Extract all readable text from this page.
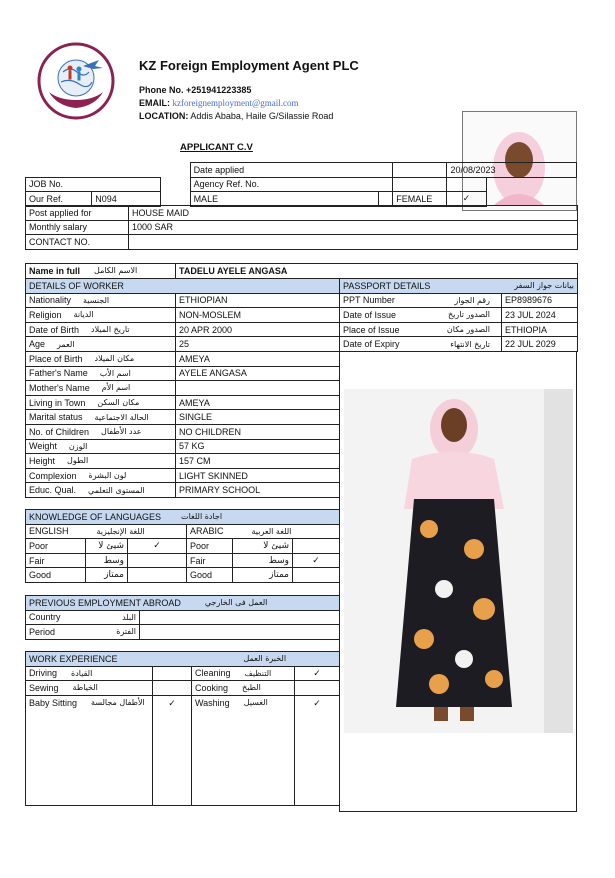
KZ Foreign Employment Agent PLC
Phone No. +251941223385
EMAIL: kzforeignemployment@gmail.com
LOCATION: Addis Ababa, Haile G/Silassie Road
APPLICANT C.V
			Date applied			20/08/2023	
JOB No.			Agency Ref. No.				
Our Ref.	N094		MALE		FEMALE	✓	
Post applied for	HOUSE MAID
Monthly salary	1000 SAR
CONTACT NO.	
Name in full	الاسم الكامل	TADELU AYELE ANGASA
DETAILS OF WORKER	

Nationality الجنسية	ETHIOPIAN

Religion الديانة	NON-MOSLEM

Date of Birth تاريخ الميلاد	20 APR 2000

Age العمر	25

Place of Birth مكان الميلاد	AMEYA

Father's Name اسم الأب	AYELE ANGASA

Mother's Name اسم الأم	

Living in Town مكان السكن	AMEYA

Marital status الحالة الاجتماعية	SINGLE

No. of Children عدد الأطفال	NO CHILDREN

Weight الوزن	57 KG

Height الطول	157 CM

Complexion لون البشرة	LIGHT SKINNED

Educ. Qual. المستوى التعلمي	PRIMARY SCHOOL
PASSPORT DETAILS بيانات جواز السفر	

PPT Number رقم الجواز	EP8989676

Date of Issue الصدور تاريخ	23 JUL 2024

Place of Issue الصدور مكان	ETHIOPIA

Date of Expiry تاريخ الانتهاء	22 JUL 2029
KNOWLEDGE OF LANGUAGES اجادة اللغات					

ENGLISH اللغة الإنجليزية			ARABIC اللغة العربية		

Poor	شيئ لا	✓	Poor	شيئ لا	
Fair	وسط		Fair	وسط	✓
Good	ممتاز		Good	ممتاز	
PREVIOUS EMPLOYMENT ABROAD العمل فى الخارجي	

Country البلد	

Period الفترة	

WORK EXPERIENCE الخبرة العمل			

Driving القيادة		Cleaning التنظيف	✓

Sewing الخياطة		Cooking الطبخ	

Baby Sitting الأطفال مجالسة	✓	Washing الغسيل	✓
